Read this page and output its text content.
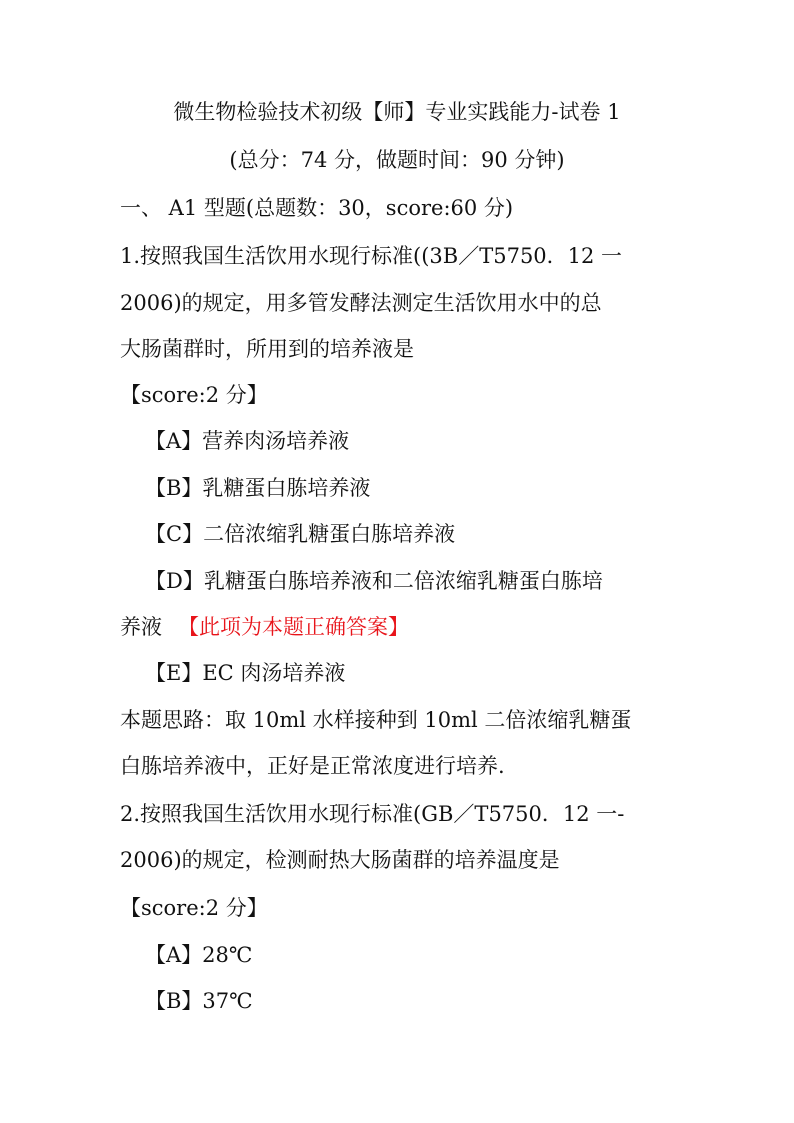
微生物检验技术初级【师】专业实践能力-试卷 1
(总分：74 分，做题时间：90 分钟)
一、 A1 型题(总题数：30，score:60 分)
1.按照我国生活饮用水现行标准((3B／T5750．12 一
2006)的规定，用多管发酵法测定生活饮用水中的总
大肠菌群时，所用到的培养液是
【score:2 分】
【A】营养肉汤培养液
【B】乳糖蛋白胨培养液
【C】二倍浓缩乳糖蛋白胨培养液
【D】乳糖蛋白胨培养液和二倍浓缩乳糖蛋白胨培
养液 【此项为本题正确答案】
【E】EC 肉汤培养液
本题思路：取 10ml 水样接种到 10ml 二倍浓缩乳糖蛋
白胨培养液中，正好是正常浓度进行培养.
2.按照我国生活饮用水现行标准(GB／T5750．12 一-
2006)的规定，检测耐热大肠菌群的培养温度是
【score:2 分】
【A】28℃
【B】37℃
